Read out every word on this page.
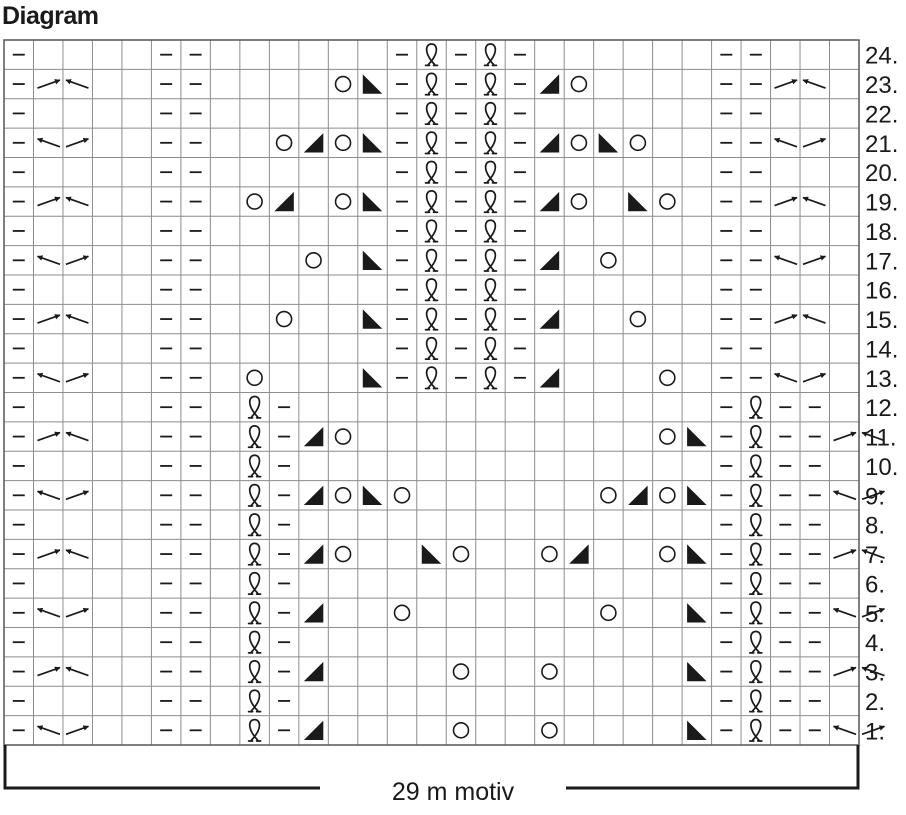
Diagram
24.
23.
22.
21.
20.
19.
18.
17.
16.
15.
14.
13.
12.
11.
10.
9.
8.
7.
6.
5.
4.
3.
2.
1.
29 m motiv
